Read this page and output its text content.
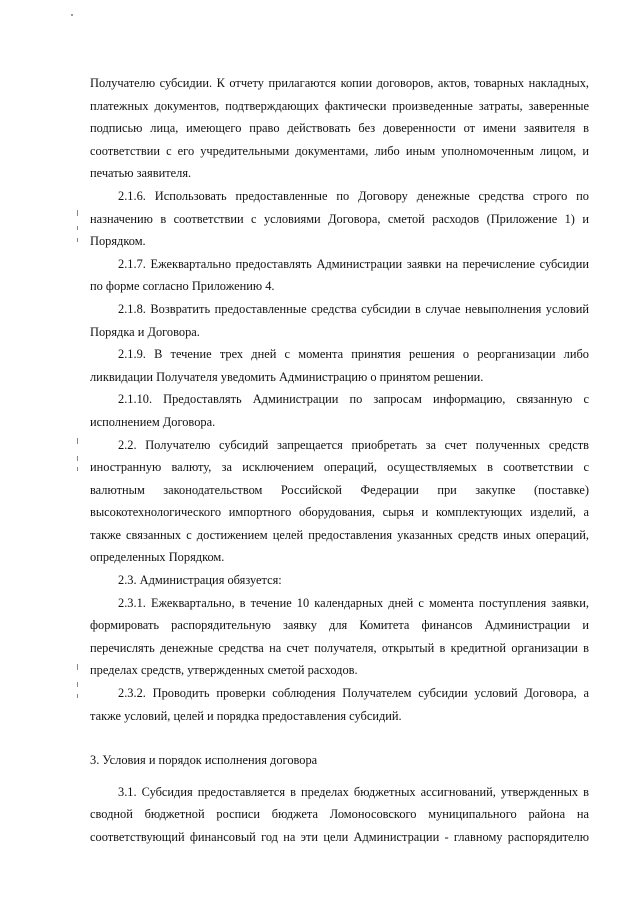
Получателю субсидии. К отчету прилагаются копии договоров, актов, товарных накладных, платежных документов, подтверждающих фактически произведенные затраты, заверенные подписью лица, имеющего право действовать без доверенности от имени заявителя в соответствии с его учредительными документами, либо иным уполномоченным лицом, и печатью заявителя.

2.1.6. Использовать предоставленные по Договору денежные средства строго по назначению в соответствии с условиями Договора, сметой расходов (Приложение 1) и Порядком.

2.1.7. Ежеквартально предоставлять Администрации заявки на перечисление субсидии по форме согласно Приложению 4.

2.1.8. Возвратить предоставленные средства субсидии в случае невыполнения условий Порядка и Договора.

2.1.9. В течение трех дней с момента принятия решения о реорганизации либо ликвидации Получателя уведомить Администрацию о принятом решении.

2.1.10. Предоставлять Администрации по запросам информацию, связанную с исполнением Договора.

2.2. Получателю субсидий запрещается приобретать за счет полученных средств иностранную валюту, за исключением операций, осуществляемых в соответствии с валютным законодательством Российской Федерации при закупке (поставке) высокотехнологического импортного оборудования, сырья и комплектующих изделий, а также связанных с достижением целей предоставления указанных средств иных операций, определенных Порядком.

2.3. Администрация обязуется:

2.3.1. Ежеквартально, в течение 10 календарных дней с момента поступления заявки, формировать распорядительную заявку для Комитета финансов Администрации и перечислять денежные средства на счет получателя, открытый в кредитной организации в пределах средств, утвержденных сметой расходов.

2.3.2. Проводить проверки соблюдения Получателем субсидии условий Договора, а также условий, целей и порядка предоставления субсидий.

3. Условия и порядок исполнения договора

3.1. Субсидия предоставляется в пределах бюджетных ассигнований, утвержденных в сводной бюджетной росписи бюджета Ломоносовского муниципального района на соответствующий финансовый год на эти цели Администрации - главному распорядителю
